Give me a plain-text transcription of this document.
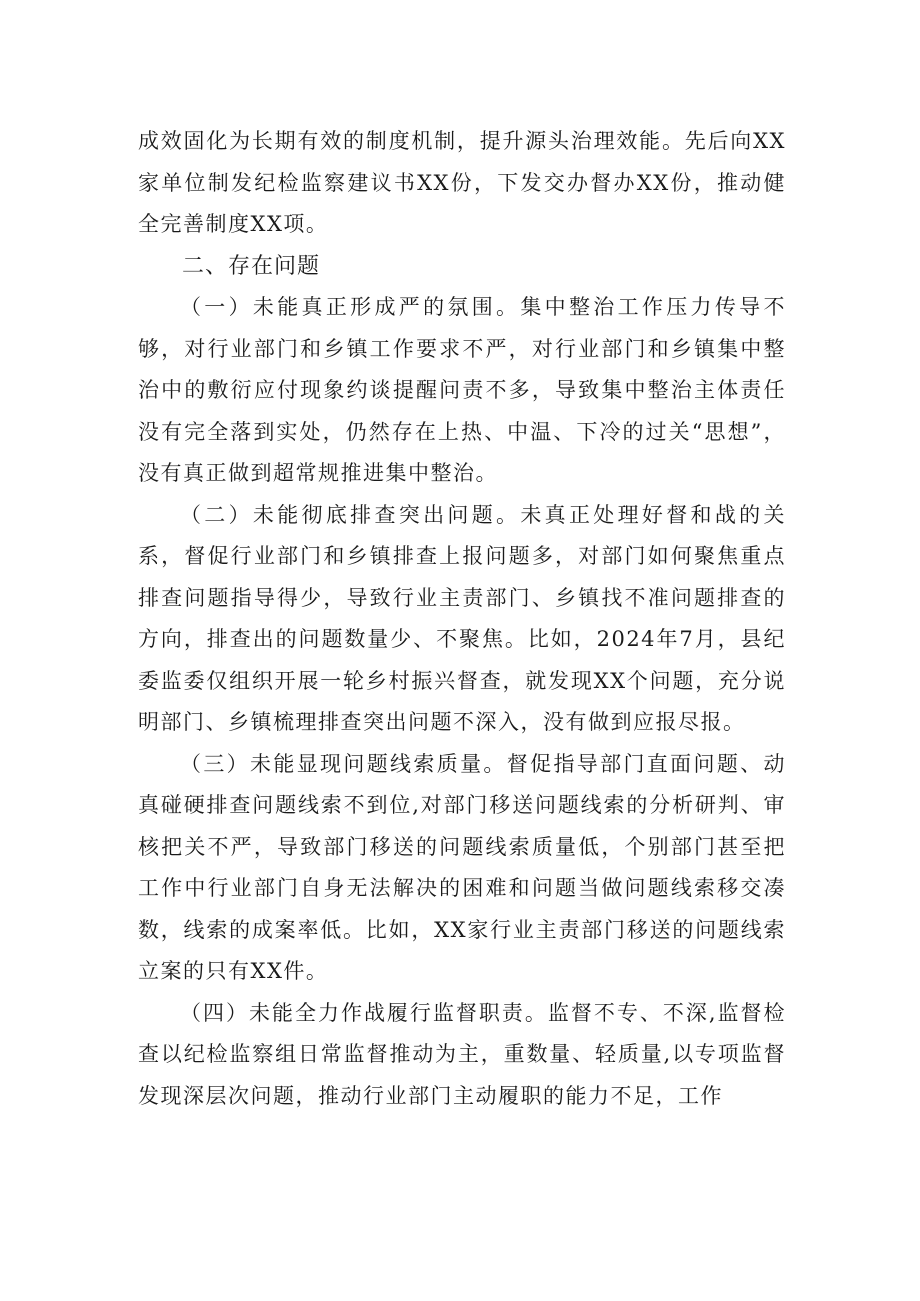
成效固化为长期有效的制度机制，提升源头治理效能。先后向XX家单位制发纪检监察建议书XX份，下发交办督办XX份，推动健全完善制度XX项。

二、存在问题

（一）未能真正形成严的氛围。集中整治工作压力传导不够，对行业部门和乡镇工作要求不严，对行业部门和乡镇集中整治中的敷衍应付现象约谈提醒问责不多，导致集中整治主体责任没有完全落到实处，仍然存在上热、中温、下冷的过关“思想”，没有真正做到超常规推进集中整治。

（二）未能彻底排查突出问题。未真正处理好督和战的关系，督促行业部门和乡镇排查上报问题多，对部门如何聚焦重点排查问题指导得少，导致行业主责部门、乡镇找不准问题排查的方向，排查出的问题数量少、不聚焦。比如，2024年7月，县纪委监委仅组织开展一轮乡村振兴督查，就发现XX个问题，充分说明部门、乡镇梳理排查突出问题不深入，没有做到应报尽报。

（三）未能显现问题线索质量。督促指导部门直面问题、动真碰硬排查问题线索不到位,对部门移送问题线索的分析研判、审核把关不严，导致部门移送的问题线索质量低，个别部门甚至把工作中行业部门自身无法解决的困难和问题当做问题线索移交凑数，线索的成案率低。比如，XX家行业主责部门移送的问题线索立案的只有XX件。

（四）未能全力作战履行监督职责。监督不专、不深,监督检查以纪检监察组日常监督推动为主，重数量、轻质量,以专项监督发现深层次问题，推动行业部门主动履职的能力不足，工作
